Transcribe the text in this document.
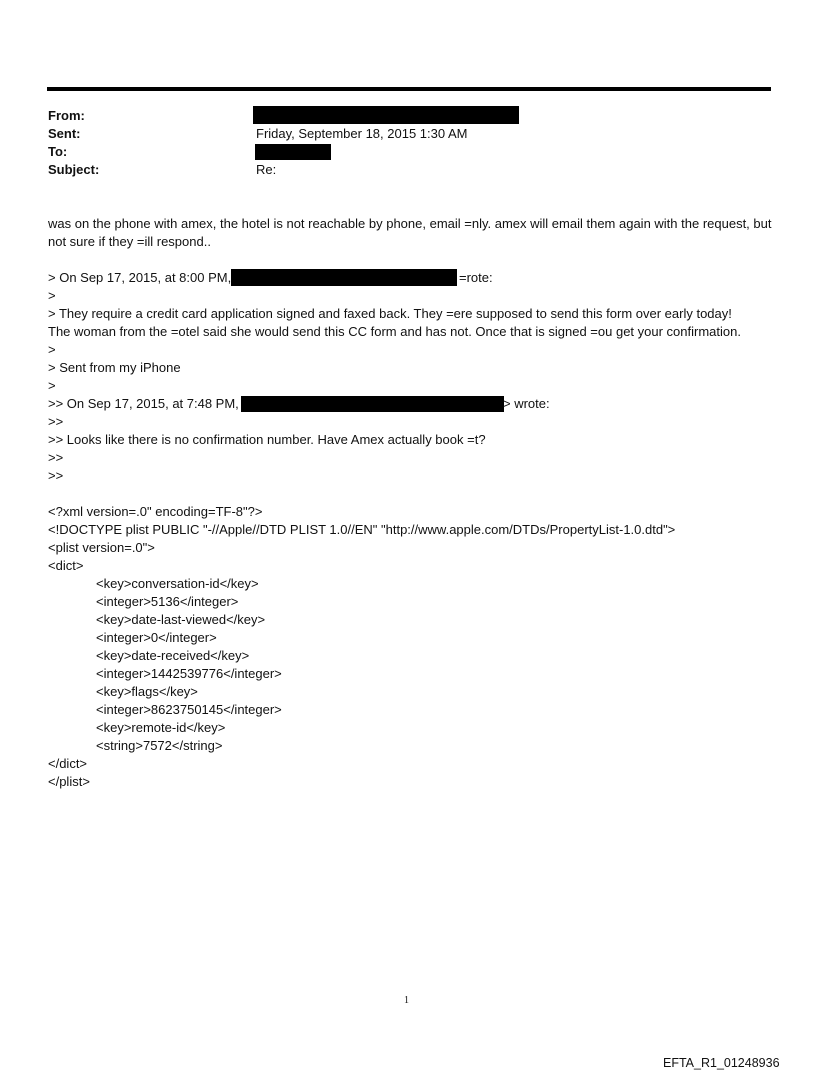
From:
Sent:	Friday, September 18, 2015 1:30 AM
To:
Subject:	Re:
was on the phone with amex, the hotel is not reachable by phone, email =nly. amex will email them again with the request, but not sure if they =ill respond..
> On Sep 17, 2015, at 8:00 PM,	=rote:
>
> They require a credit card application signed and faxed back. They =ere supposed to send this form over early today!
The woman from the =otel said she would send this CC form and has not. Once that is signed =ou get your confirmation.
>
> Sent from my iPhone
>
>> On Sep 17, 2015, at 7:48 PM,	> wrote:
>>
>> Looks like there is no confirmation number. Have Amex actually book =t?
>>
>>
<?xml version=.0" encoding=TF-8"?>
<!DOCTYPE plist PUBLIC "-//Apple//DTD PLIST 1.0//EN" "http://www.apple.com/DTDs/PropertyList-1.0.dtd">
<plist version=.0">
<dict>
<key>conversation-id</key>
<integer>5136</integer>
<key>date-last-viewed</key>
<integer>0</integer>
<key>date-received</key>
<integer>1442539776</integer>
<key>flags</key>
<integer>8623750145</integer>
<key>remote-id</key>
<string>7572</string>
</dict>
</plist>
1
EFTA_R1_01248936
